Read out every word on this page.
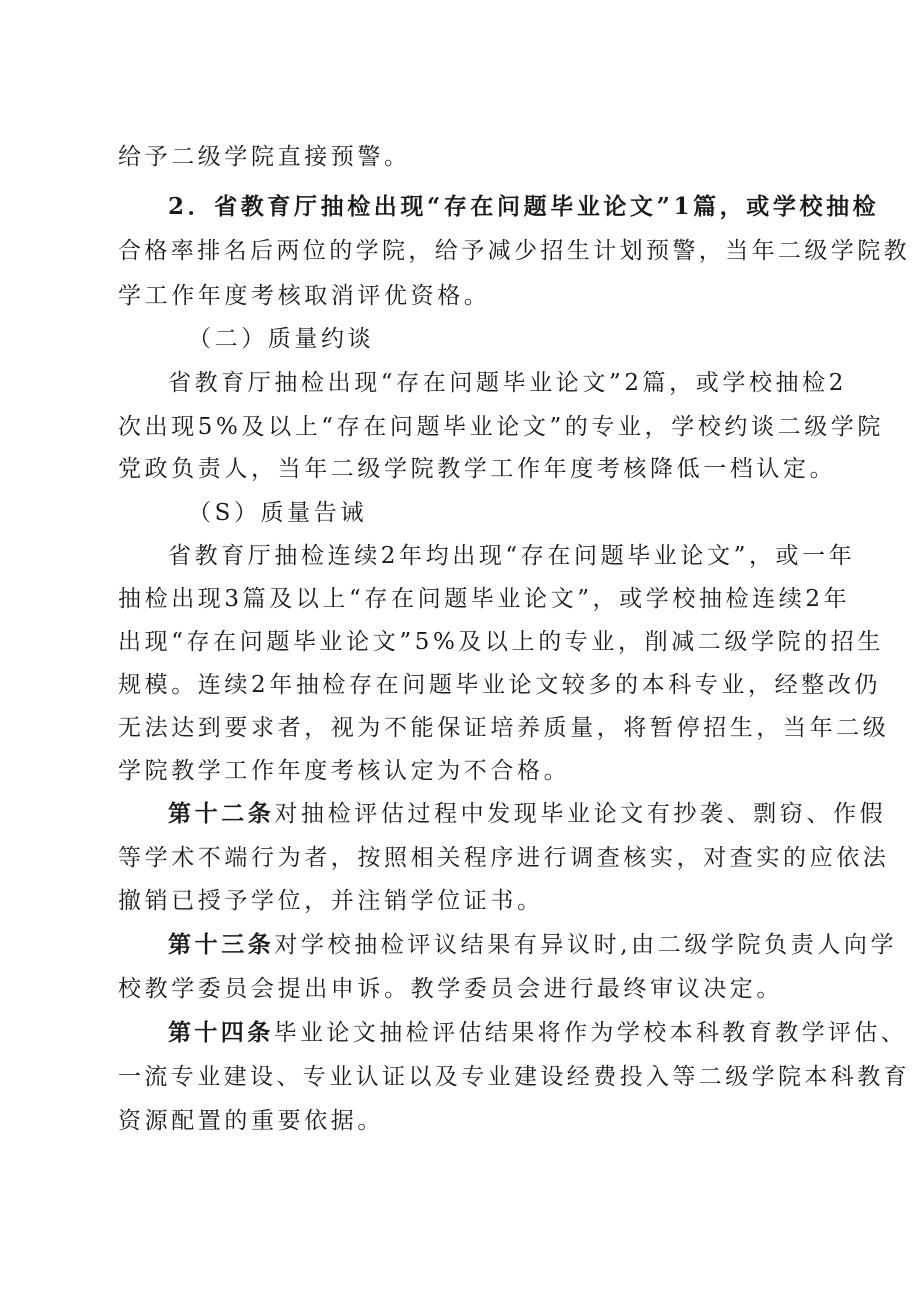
给予二级学院直接预警。
2．省教育厅抽检出现“存在问题毕业论文”1篇，或学校抽检
合格率排名后两位的学院，给予减少招生计划预警，当年二级学院教
学工作年度考核取消评优资格。
（二）质量约谈
省教育厅抽检出现“存在问题毕业论文”2篇，或学校抽检2
次出现5%及以上“存在问题毕业论文”的专业，学校约谈二级学院
党政负责人，当年二级学院教学工作年度考核降低一档认定。
（S）质量告诫
省教育厅抽检连续2年均出现“存在问题毕业论文”，或一年
抽检出现3篇及以上“存在问题毕业论文”，或学校抽检连续2年
出现“存在问题毕业论文”5%及以上的专业，削减二级学院的招生
规模。连续2年抽检存在问题毕业论文较多的本科专业，经整改仍
无法达到要求者，视为不能保证培养质量，将暂停招生，当年二级
学院教学工作年度考核认定为不合格。
第十二条对抽检评估过程中发现毕业论文有抄袭、剽窃、作假
等学术不端行为者，按照相关程序进行调查核实，对查实的应依法
撤销已授予学位，并注销学位证书。
第十三条对学校抽检评议结果有异议时,由二级学院负责人向学
校教学委员会提出申诉。教学委员会进行最终审议决定。
第十四条毕业论文抽检评估结果将作为学校本科教育教学评估、
一流专业建设、专业认证以及专业建设经费投入等二级学院本科教育
资源配置的重要依据。
